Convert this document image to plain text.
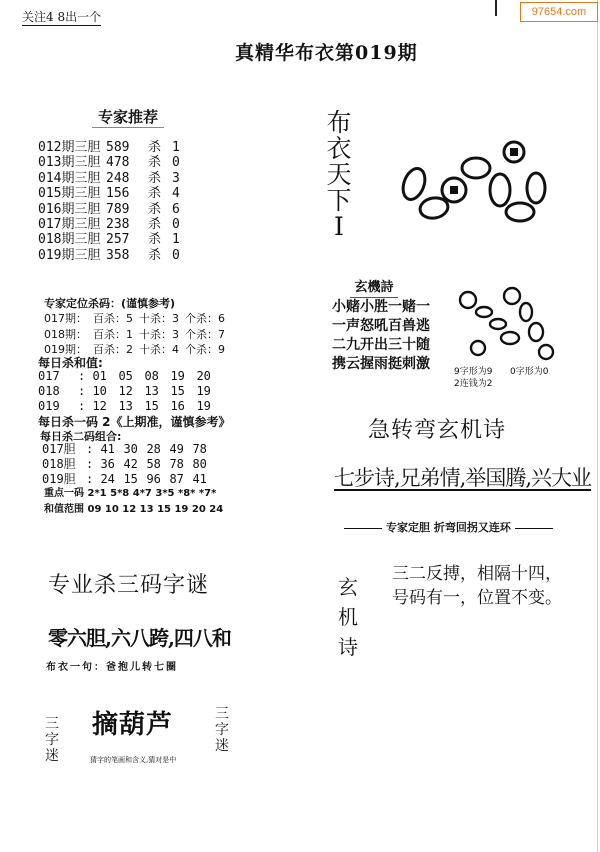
关注4 8出一个	97654.com
真精华布衣第019期
专家推荐
012期三胆 589	杀 1
013期三胆 478	杀 0
014期三胆 248	杀 3
015期三胆 156	杀 4
016期三胆 789	杀 6
017期三胆 238	杀 0
018期三胆 257	杀 1
019期三胆 358	杀 0
专家定位杀码：(谨慎参考)
017期： 百杀：5 十杀：3 个杀：6
018期： 百杀：1 十杀：3 个杀：7
019期： 百杀：2 十杀：4 个杀：9
每日杀和值:
017	: 01 05 08 19 20
018	: 10 12 13 15 19
019	: 12 13 15 16 19
每日杀一码 2《上期准，谨慎参考》
每日杀二码组合:
017胆 : 41 30 28 49 78
018胆 : 36 42 58 78 80
019胆 : 24 15 96 87 41
重点一码 2*1 5*8 4*7 3*5 *8* *7*
和值范围 09 10 12 13 15 19 20 24
布
衣
天
下
I
玄機詩
小赌小胜一赌一
一声怒吼百兽逃
二九开出三十随
携云握雨挺刺激	9字形为9 0字形为0
2连钱为2
急转弯玄机诗
七步诗,兄弟情,举国腾,兴大业
专家定胆 折弯回拐又连环
玄
机
诗
三二反搏，相隔十四，
号码有一，位置不变。
专业杀三码字谜
零六胆,六八跨,四八和
布衣一句：爸抱儿转七圈
三
字
迷
三
字
迷
摘葫芦
猜字的笔画和含义,猜对是中
